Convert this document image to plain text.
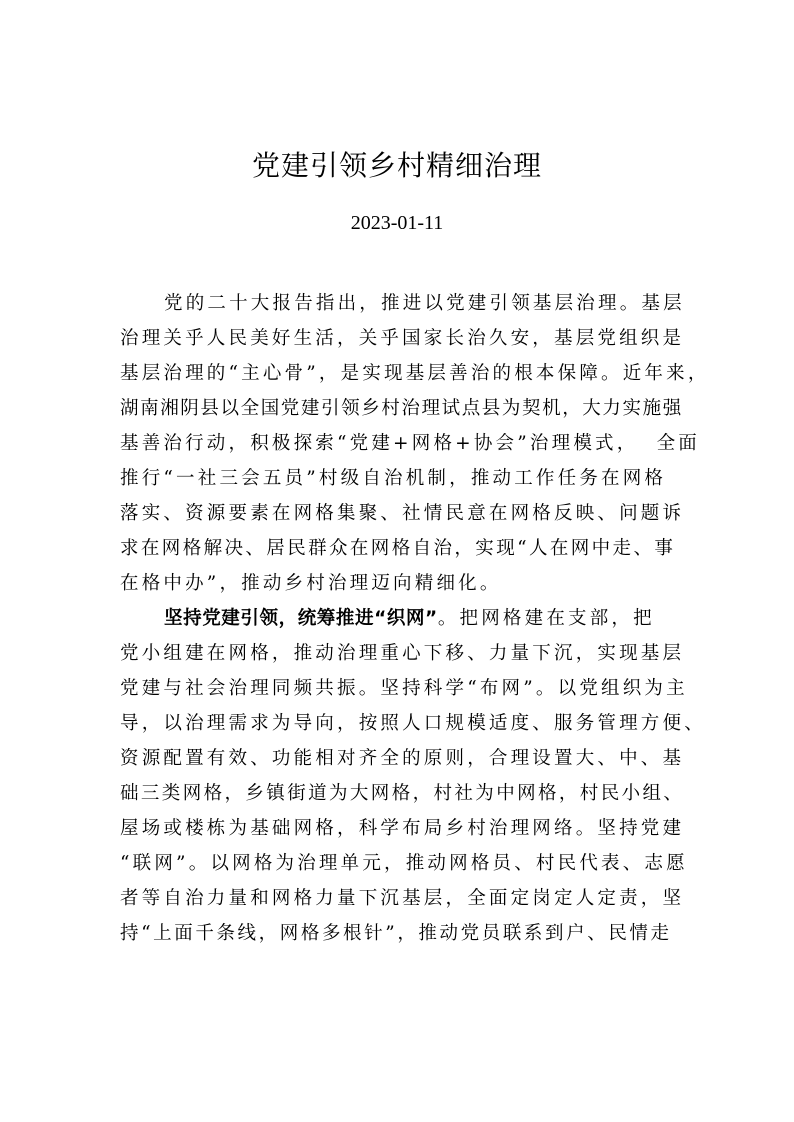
党建引领乡村精细治理

2023-01-11

党的二十大报告指出，推进以党建引领基层治理。基层

治理关乎人民美好生活，关乎国家长治久安，基层党组织是

基层治理的“主心骨”，是实现基层善治的根本保障。近年来，

湖南湘阴县以全国党建引领乡村治理试点县为契机，大力实施强

基善治行动，积极探索“党建+网格+协会”治理模式，  全面

推行“一社三会五员”村级自治机制，推动工作任务在网格

落实、资源要素在网格集聚、社情民意在网格反映、问题诉

求在网格解决、居民群众在网格自治，实现“人在网中走、事

在格中办”，推动乡村治理迈向精细化。

坚持党建引领，统筹推进“织网”。把网格建在支部，把

党小组建在网格，推动治理重心下移、力量下沉，实现基层

党建与社会治理同频共振。坚持科学“布网”。以党组织为主

导，以治理需求为导向，按照人口规模适度、服务管理方便、

资源配置有效、功能相对齐全的原则，合理设置大、中、基

础三类网格，乡镇街道为大网格，村社为中网格，村民小组、

屋场或楼栋为基础网格，科学布局乡村治理网络。坚持党建

“联网”。以网格为治理单元，推动网格员、村民代表、志愿

者等自治力量和网格力量下沉基层，全面定岗定人定责，坚

持“上面千条线，网格多根针”，推动党员联系到户、民情走
